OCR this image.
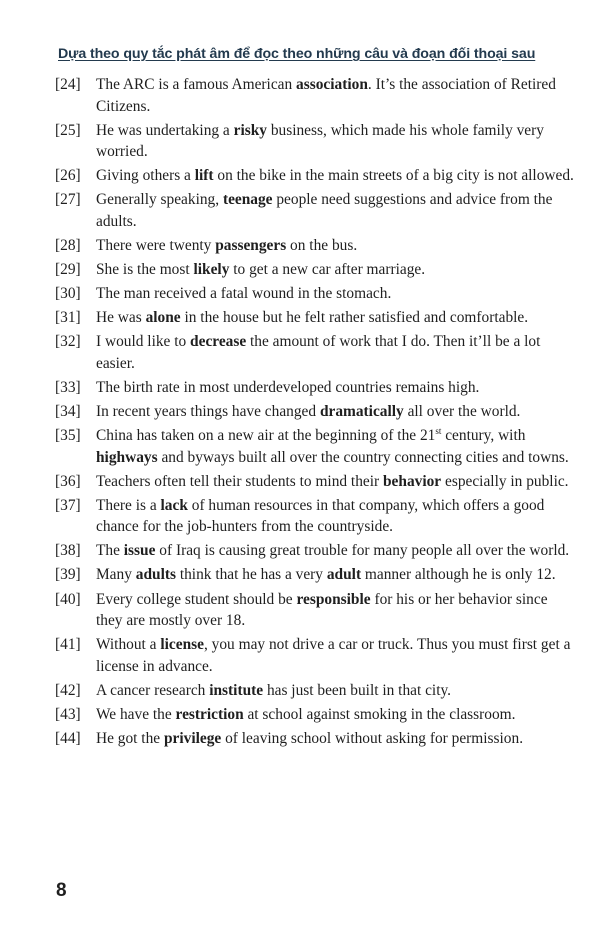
Dựa theo quy tắc phát âm để đọc theo những câu và đoạn đối thoại sau
[24] The ARC is a famous American association. It’s the association of Retired Citizens.
[25] He was undertaking a risky business, which made his whole family very worried.
[26] Giving others a lift on the bike in the main streets of a big city is not allowed.
[27] Generally speaking, teenage people need suggestions and advice from the adults.
[28] There were twenty passengers on the bus.
[29] She is the most likely to get a new car after marriage.
[30] The man received a fatal wound in the stomach.
[31] He was alone in the house but he felt rather satisfied and comfortable.
[32] I would like to decrease the amount of work that I do. Then it’ll be a lot easier.
[33] The birth rate in most underdeveloped countries remains high.
[34] In recent years things have changed dramatically all over the world.
[35] China has taken on a new air at the beginning of the 21st century, with highways and byways built all over the country connecting cities and towns.
[36] Teachers often tell their students to mind their behavior especially in public.
[37] There is a lack of human resources in that company, which offers a good chance for the job-hunters from the countryside.
[38] The issue of Iraq is causing great trouble for many people all over the world.
[39] Many adults think that he has a very adult manner although he is only 12.
[40] Every college student should be responsible for his or her behavior since they are mostly over 18.
[41] Without a license, you may not drive a car or truck. Thus you must first get a license in advance.
[42] A cancer research institute has just been built in that city.
[43] We have the restriction at school against smoking in the classroom.
[44] He got the privilege of leaving school without asking for permission.
8
